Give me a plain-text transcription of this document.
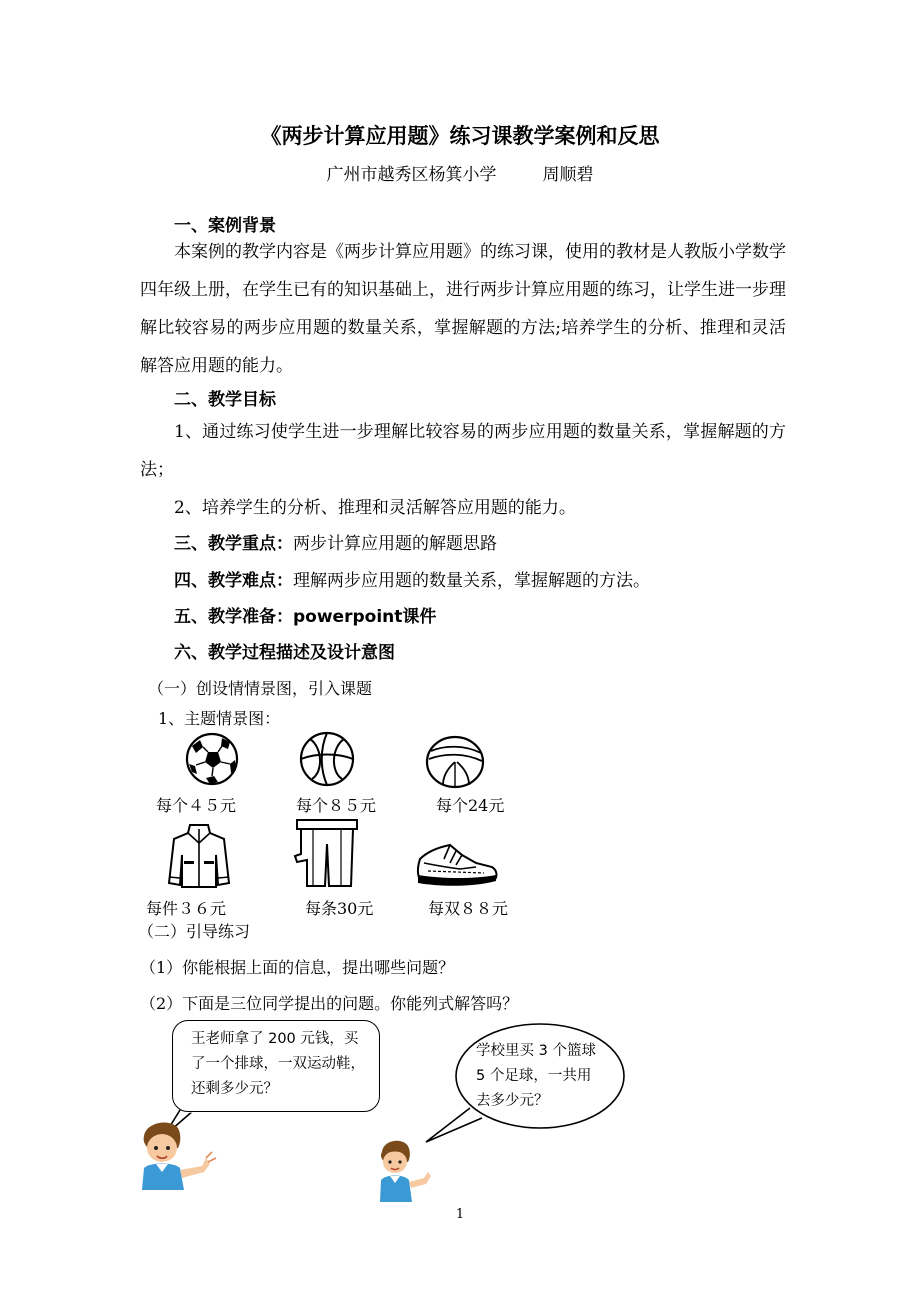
《两步计算应用题》练习课教学案例和反思
广州市越秀区杨箕小学	周顺碧
一、案例背景
本案例的教学内容是《两步计算应用题》的练习课，使用的教材是人教版小学数学四年级上册，在学生已有的知识基础上，进行两步计算应用题的练习，让学生进一步理解比较容易的两步应用题的数量关系，掌握解题的方法;培养学生的分析、推理和灵活解答应用题的能力。
二、教学目标
1、通过练习使学生进一步理解比较容易的两步应用题的数量关系，掌握解题的方法；
2、培养学生的分析、推理和灵活解答应用题的能力。
三、教学重点：两步计算应用题的解题思路
四、教学难点：理解两步应用题的数量关系，掌握解题的方法。
五、教学准备：powerpoint课件
六、教学过程描述及设计意图
（一）创设情情景图，引入课题
1、主题情景图：
每个４５元	每个８５元	每个24元
每件３６元	每条30元	每双８８元
（二）引导练习
（1）你能根据上面的信息，提出哪些问题？
（2）下面是三位同学提出的问题。你能列式解答吗？
王老师拿了 200 元钱，买
了一个排球，一双运动鞋，
还剩多少元？
学校里买 3 个篮球
5 个足球，一共用
去多少元？
1
